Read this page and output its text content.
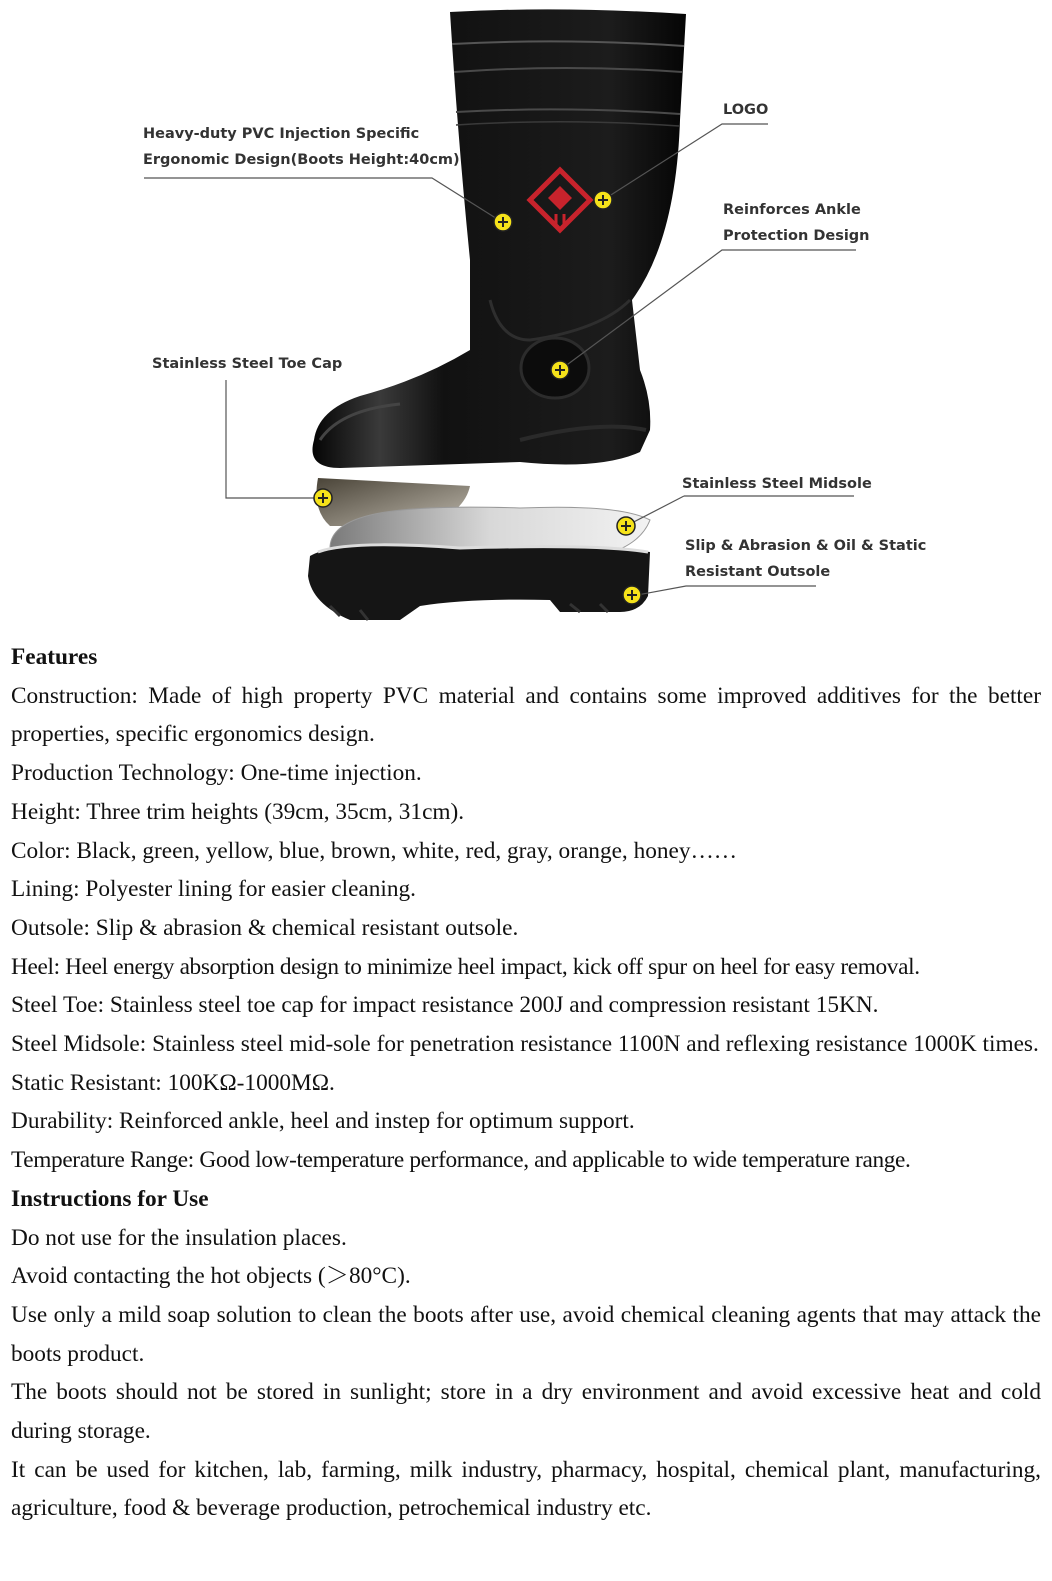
Heavy-duty PVC Injection Specific
Ergonomic Design(Boots Height:40cm)
LOGO
Reinforces Ankle
Protection Design
Stainless Steel Toe Cap
Stainless Steel Midsole
Slip & Abrasion & Oil & Static
Resistant Outsole
Features

Construction: Made of high property PVC material and contains some improved additives for the better properties, specific ergonomics design.

Production Technology: One-time injection.

Height: Three trim heights (39cm, 35cm, 31cm).

Color: Black, green, yellow, blue, brown, white, red, gray, orange, honey……

Lining: Polyester lining for easier cleaning.

Outsole: Slip & abrasion & chemical resistant outsole.

Heel: Heel energy absorption design to minimize heel impact, kick off spur on heel for easy removal.

Steel Toe: Stainless steel toe cap for impact resistance 200J and compression resistant 15KN.

Steel Midsole: Stainless steel mid-sole for penetration resistance 1100N and reflexing resistance 1000K times.

Static Resistant: 100KΩ-1000MΩ.

Durability: Reinforced ankle, heel and instep for optimum support.

Temperature Range: Good low-temperature performance, and applicable to wide temperature range.

Instructions for Use

Do not use for the insulation places.

Avoid contacting the hot objects (＞80°C).

Use only a mild soap solution to clean the boots after use, avoid chemical cleaning agents that may attack the boots product.

The boots should not be stored in sunlight; store in a dry environment and avoid excessive heat and cold during storage.

It can be used for kitchen, lab, farming, milk industry, pharmacy, hospital, chemical plant, manufacturing, agriculture, food & beverage production, petrochemical industry etc.
